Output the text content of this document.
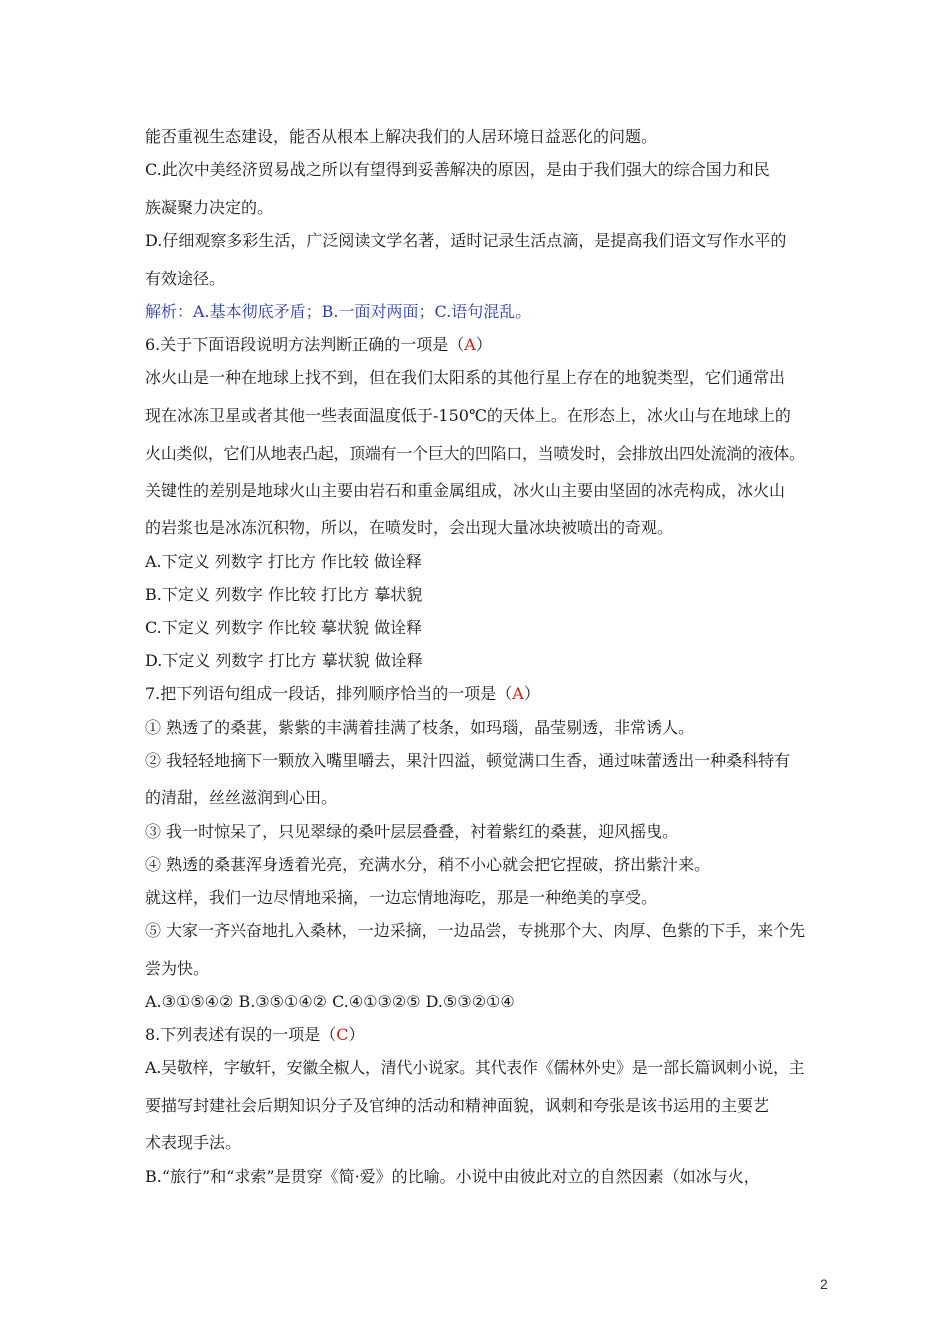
能否重视生态建设，能否从根本上解决我们的人居环境日益恶化的问题。
C.此次中美经济贸易战之所以有望得到妥善解决的原因，是由于我们强大的综合国力和民
族凝聚力决定的。
D.仔细观察多彩生活，广泛阅读文学名著，适时记录生活点滴，是提高我们语文写作水平的
有效途径。
解析：A.基本彻底矛盾；B.一面对两面；C.语句混乱。
6.关于下面语段说明方法判断正确的一项是（A）
冰火山是一种在地球上找不到，但在我们太阳系的其他行星上存在的地貌类型，它们通常出
现在冰冻卫星或者其他一些表面温度低于-150℃的天体上。在形态上，冰火山与在地球上的
火山类似，它们从地表凸起，顶端有一个巨大的凹陷口，当喷发时，会排放出四处流淌的液体。
关键性的差别是地球火山主要由岩石和重金属组成，冰火山主要由坚固的冰壳构成，冰火山
的岩浆也是冰冻沉积物，所以，在喷发时，会出现大量冰块被喷出的奇观。
A.下定义 列数字 打比方 作比较 做诠释
B.下定义 列数字 作比较 打比方 摹状貌
C.下定义 列数字 作比较 摹状貌 做诠释
D.下定义 列数字 打比方 摹状貌 做诠释
7.把下列语句组成一段话，排列顺序恰当的一项是（A）
① 熟透了的桑葚，紫紫的丰满着挂满了枝条，如玛瑙，晶莹剔透，非常诱人。
② 我轻轻地摘下一颗放入嘴里嚼去，果汁四溢，顿觉满口生香，通过味蕾透出一种桑科特有
的清甜，丝丝滋润到心田。
③ 我一时惊呆了，只见翠绿的桑叶层层叠叠，衬着紫红的桑葚，迎风摇曳。
④ 熟透的桑葚浑身透着光亮，充满水分，稍不小心就会把它捏破，挤出紫汁来。
就这样，我们一边尽情地采摘，一边忘情地海吃，那是一种绝美的享受。
⑤ 大家一齐兴奋地扎入桑林，一边采摘，一边品尝，专挑那个大、肉厚、色紫的下手，来个先
尝为快。
A.③①⑤④② B.③⑤①④② C.④①③②⑤ D.⑤③②①④
8.下列表述有误的一项是（C）
A.吴敬梓，字敏轩，安徽全椒人，清代小说家。其代表作《儒林外史》是一部长篇讽刺小说，主
要描写封建社会后期知识分子及官绅的活动和精神面貌，讽刺和夸张是该书运用的主要艺
术表现手法。
B.“旅行”和“求索”是贯穿《简·爱》的比喻。小说中由彼此对立的自然因素（如冰与火，
2
